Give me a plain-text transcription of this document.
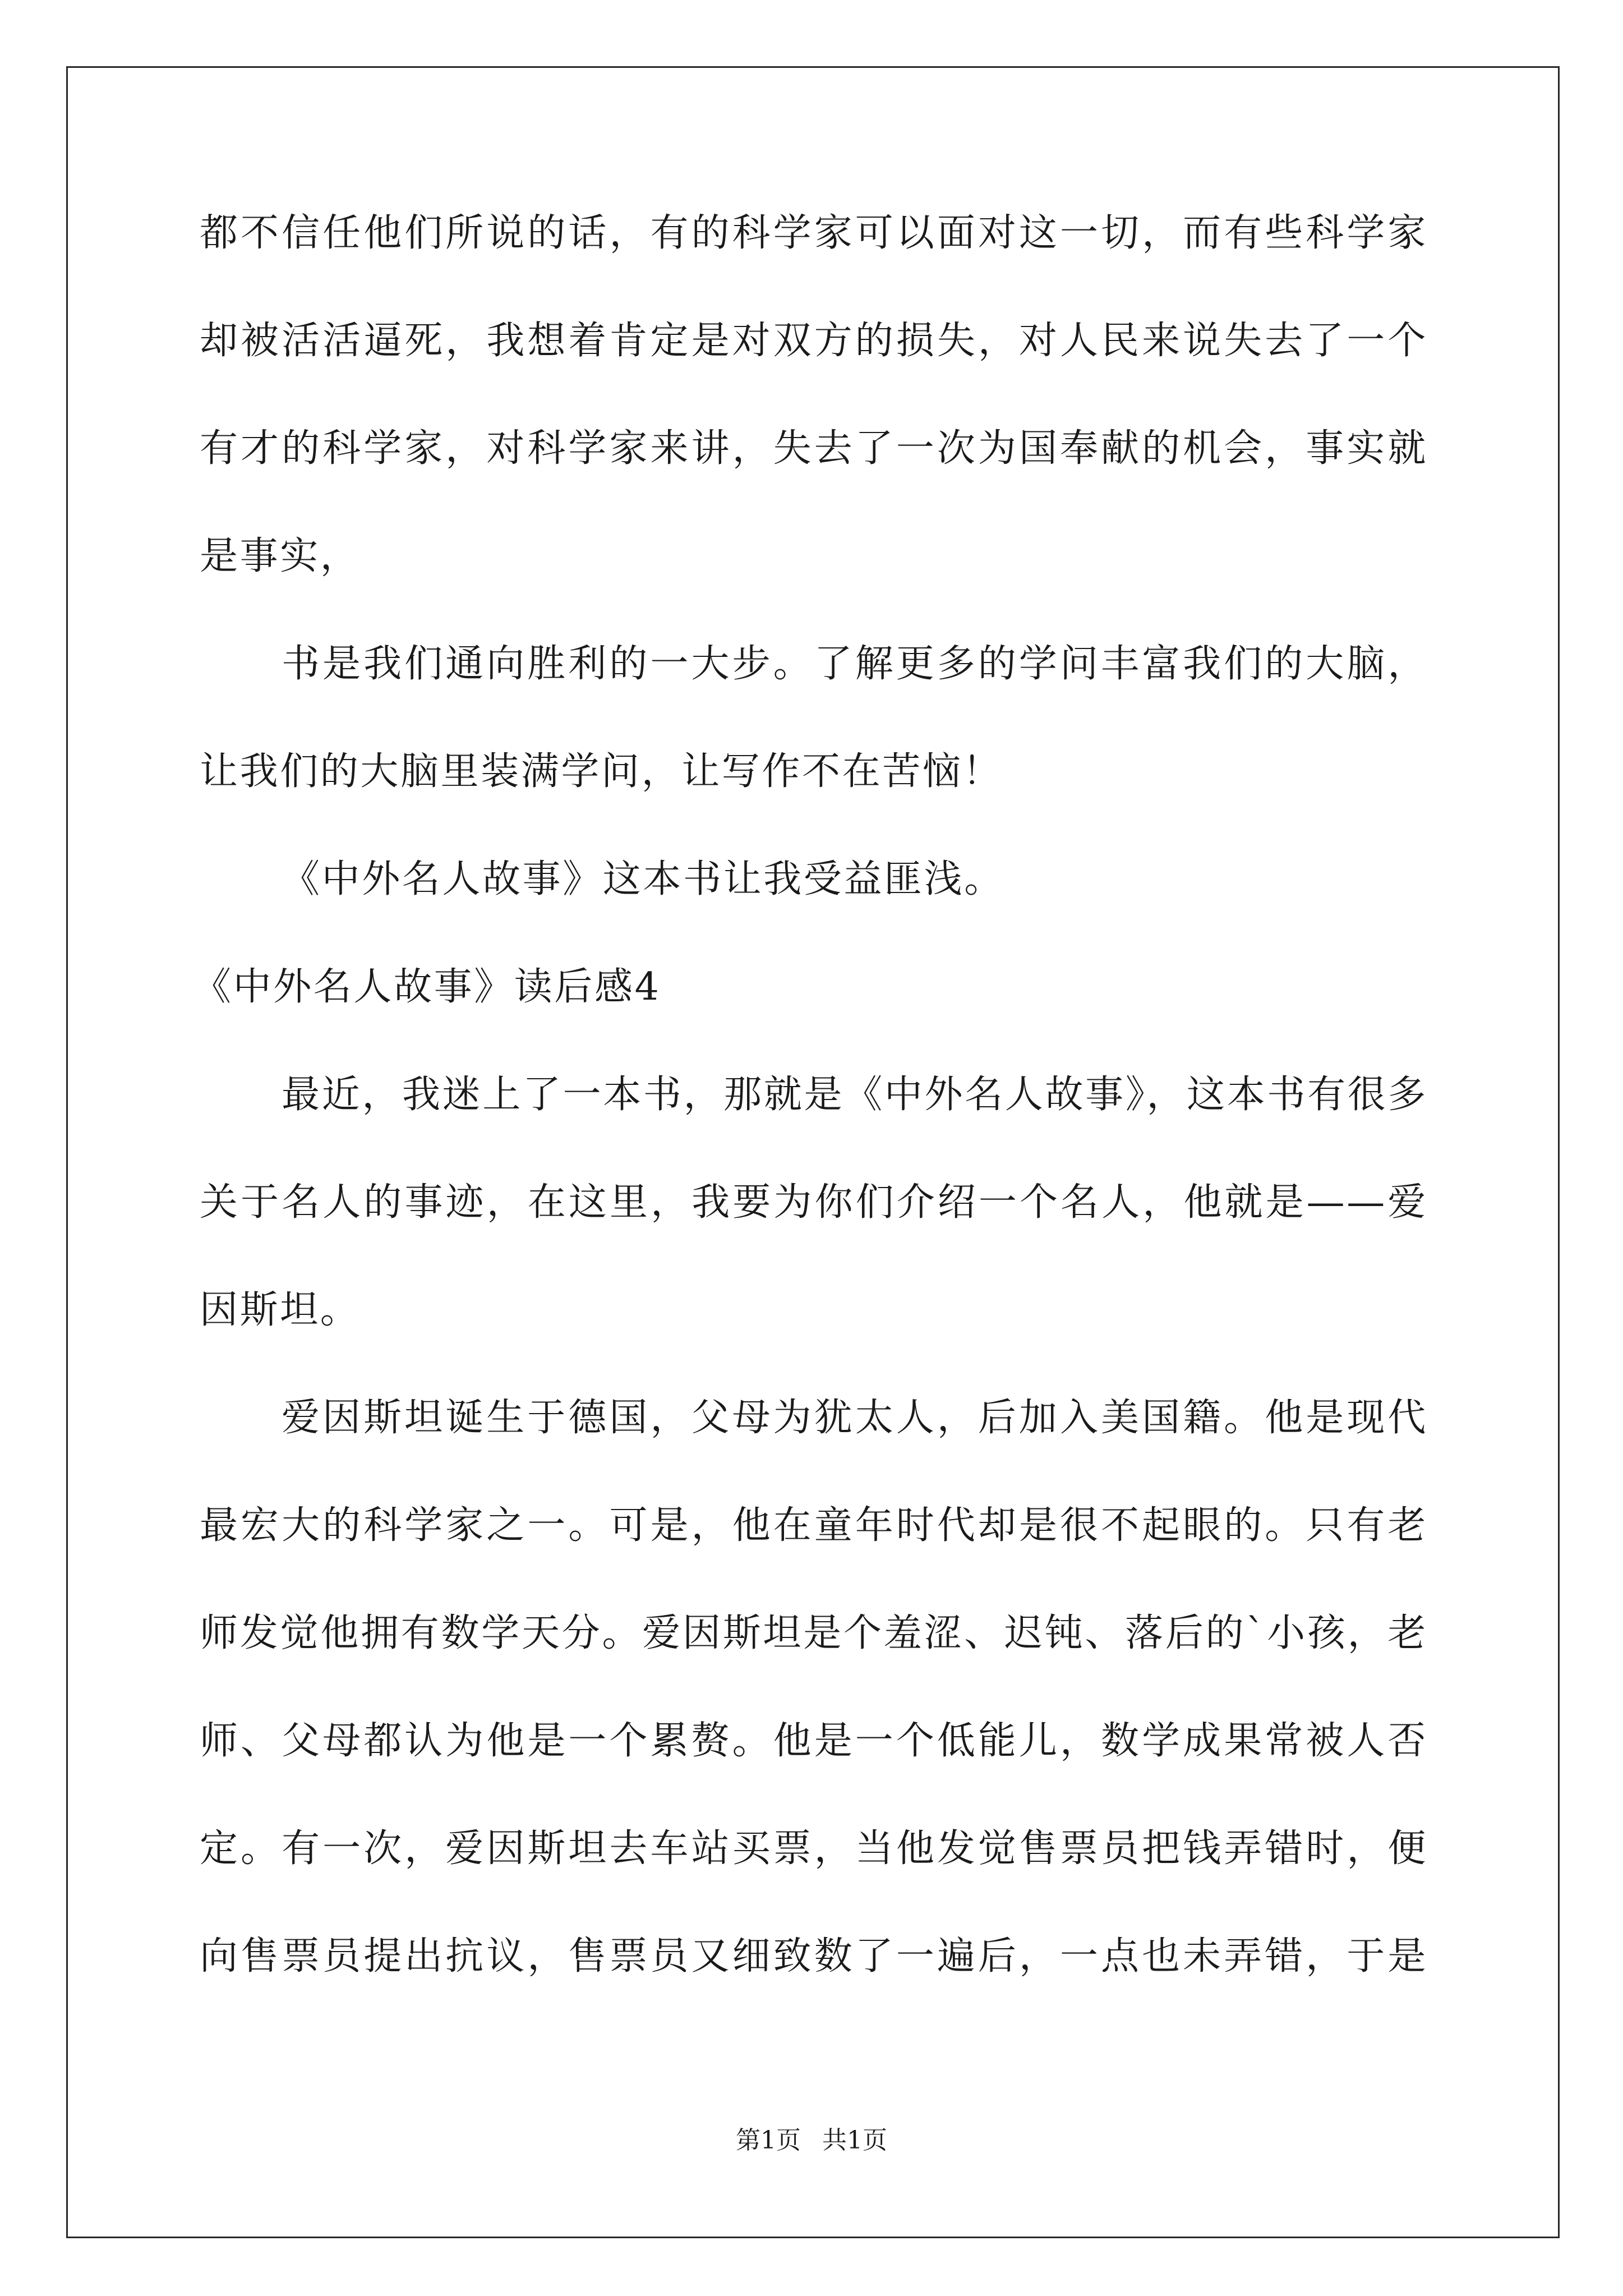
都不信任他们所说的话，有的科学家可以面对这一切，而有些科学家
却被活活逼死，我想着肯定是对双方的损失，对人民来说失去了一个
有才的科学家，对科学家来讲，失去了一次为国奉献的机会，事实就
是事实，
书是我们通向胜利的一大步。了解更多的学问丰富我们的大脑，
让我们的大脑里装满学问，让写作不在苦恼！
《中外名人故事》这本书让我受益匪浅。
《中外名人故事》读后感4
最近，我迷上了一本书，那就是《中外名人故事》，这本书有很多
关于名人的事迹，在这里，我要为你们介绍一个名人，他就是——爱
因斯坦。
爱因斯坦诞生于德国，父母为犹太人，后加入美国籍。他是现代
最宏大的科学家之一。可是，他在童年时代却是很不起眼的。只有老
师发觉他拥有数学天分。爱因斯坦是个羞涩、迟钝、落后的`小孩，老
师、父母都认为他是一个累赘。他是一个低能儿，数学成果常被人否
定。有一次，爱因斯坦去车站买票，当他发觉售票员把钱弄错时，便
向售票员提出抗议，售票员又细致数了一遍后，一点也未弄错，于是
第1页 共1页
